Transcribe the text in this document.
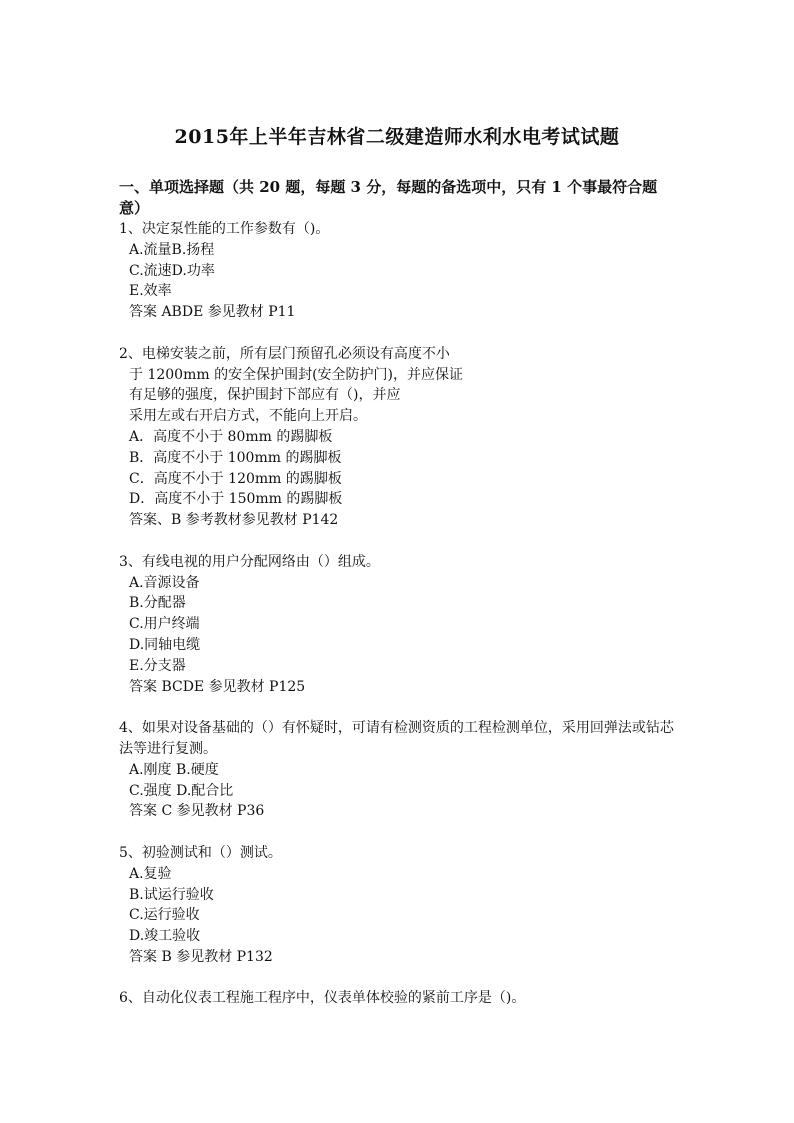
2015年上半年吉林省二级建造师水利水电考试试题
一、单项选择题（共 20 题，每题 3 分，每题的备选项中，只有 1 个事最符合题意）
1、决定泵性能的工作参数有（)。
A.流量B.扬程
C.流速D.功率
E.效率
答案 ABDE 参见教材 P11
2、电梯安装之前，所有层门预留孔必须设有高度不小
于 1200mm 的安全保护围封(安全防护门)，并应保证
有足够的强度，保护围封下部应有（)，并应
采用左或右开启方式，不能向上开启。
A．高度不小于 80mm 的踢脚板
B．高度不小于 100mm 的踢脚板
C．高度不小于 120mm 的踢脚板
D．高度不小于 150mm 的踢脚板
答案、B 参考教材参见教材 P142
3、有线电视的用户分配网络由（）组成。
A.音源设备
B.分配器
C.用户终端
D.同轴电缆
E.分支器
答案 BCDE 参见教材 P125
4、如果对设备基础的（）有怀疑时，可请有检测资质的工程检测单位，采用回弹法或钻芯法等进行复测。
A.刚度 B.硬度
C.强度 D.配合比
答案 C 参见教材 P36
5、初验测试和（）测试。
A.复验
B.试运行验收
C.运行验收
D.竣工验收
答案 B 参见教材 P132
6、自动化仪表工程施工程序中，仪表单体校验的紧前工序是（)。
